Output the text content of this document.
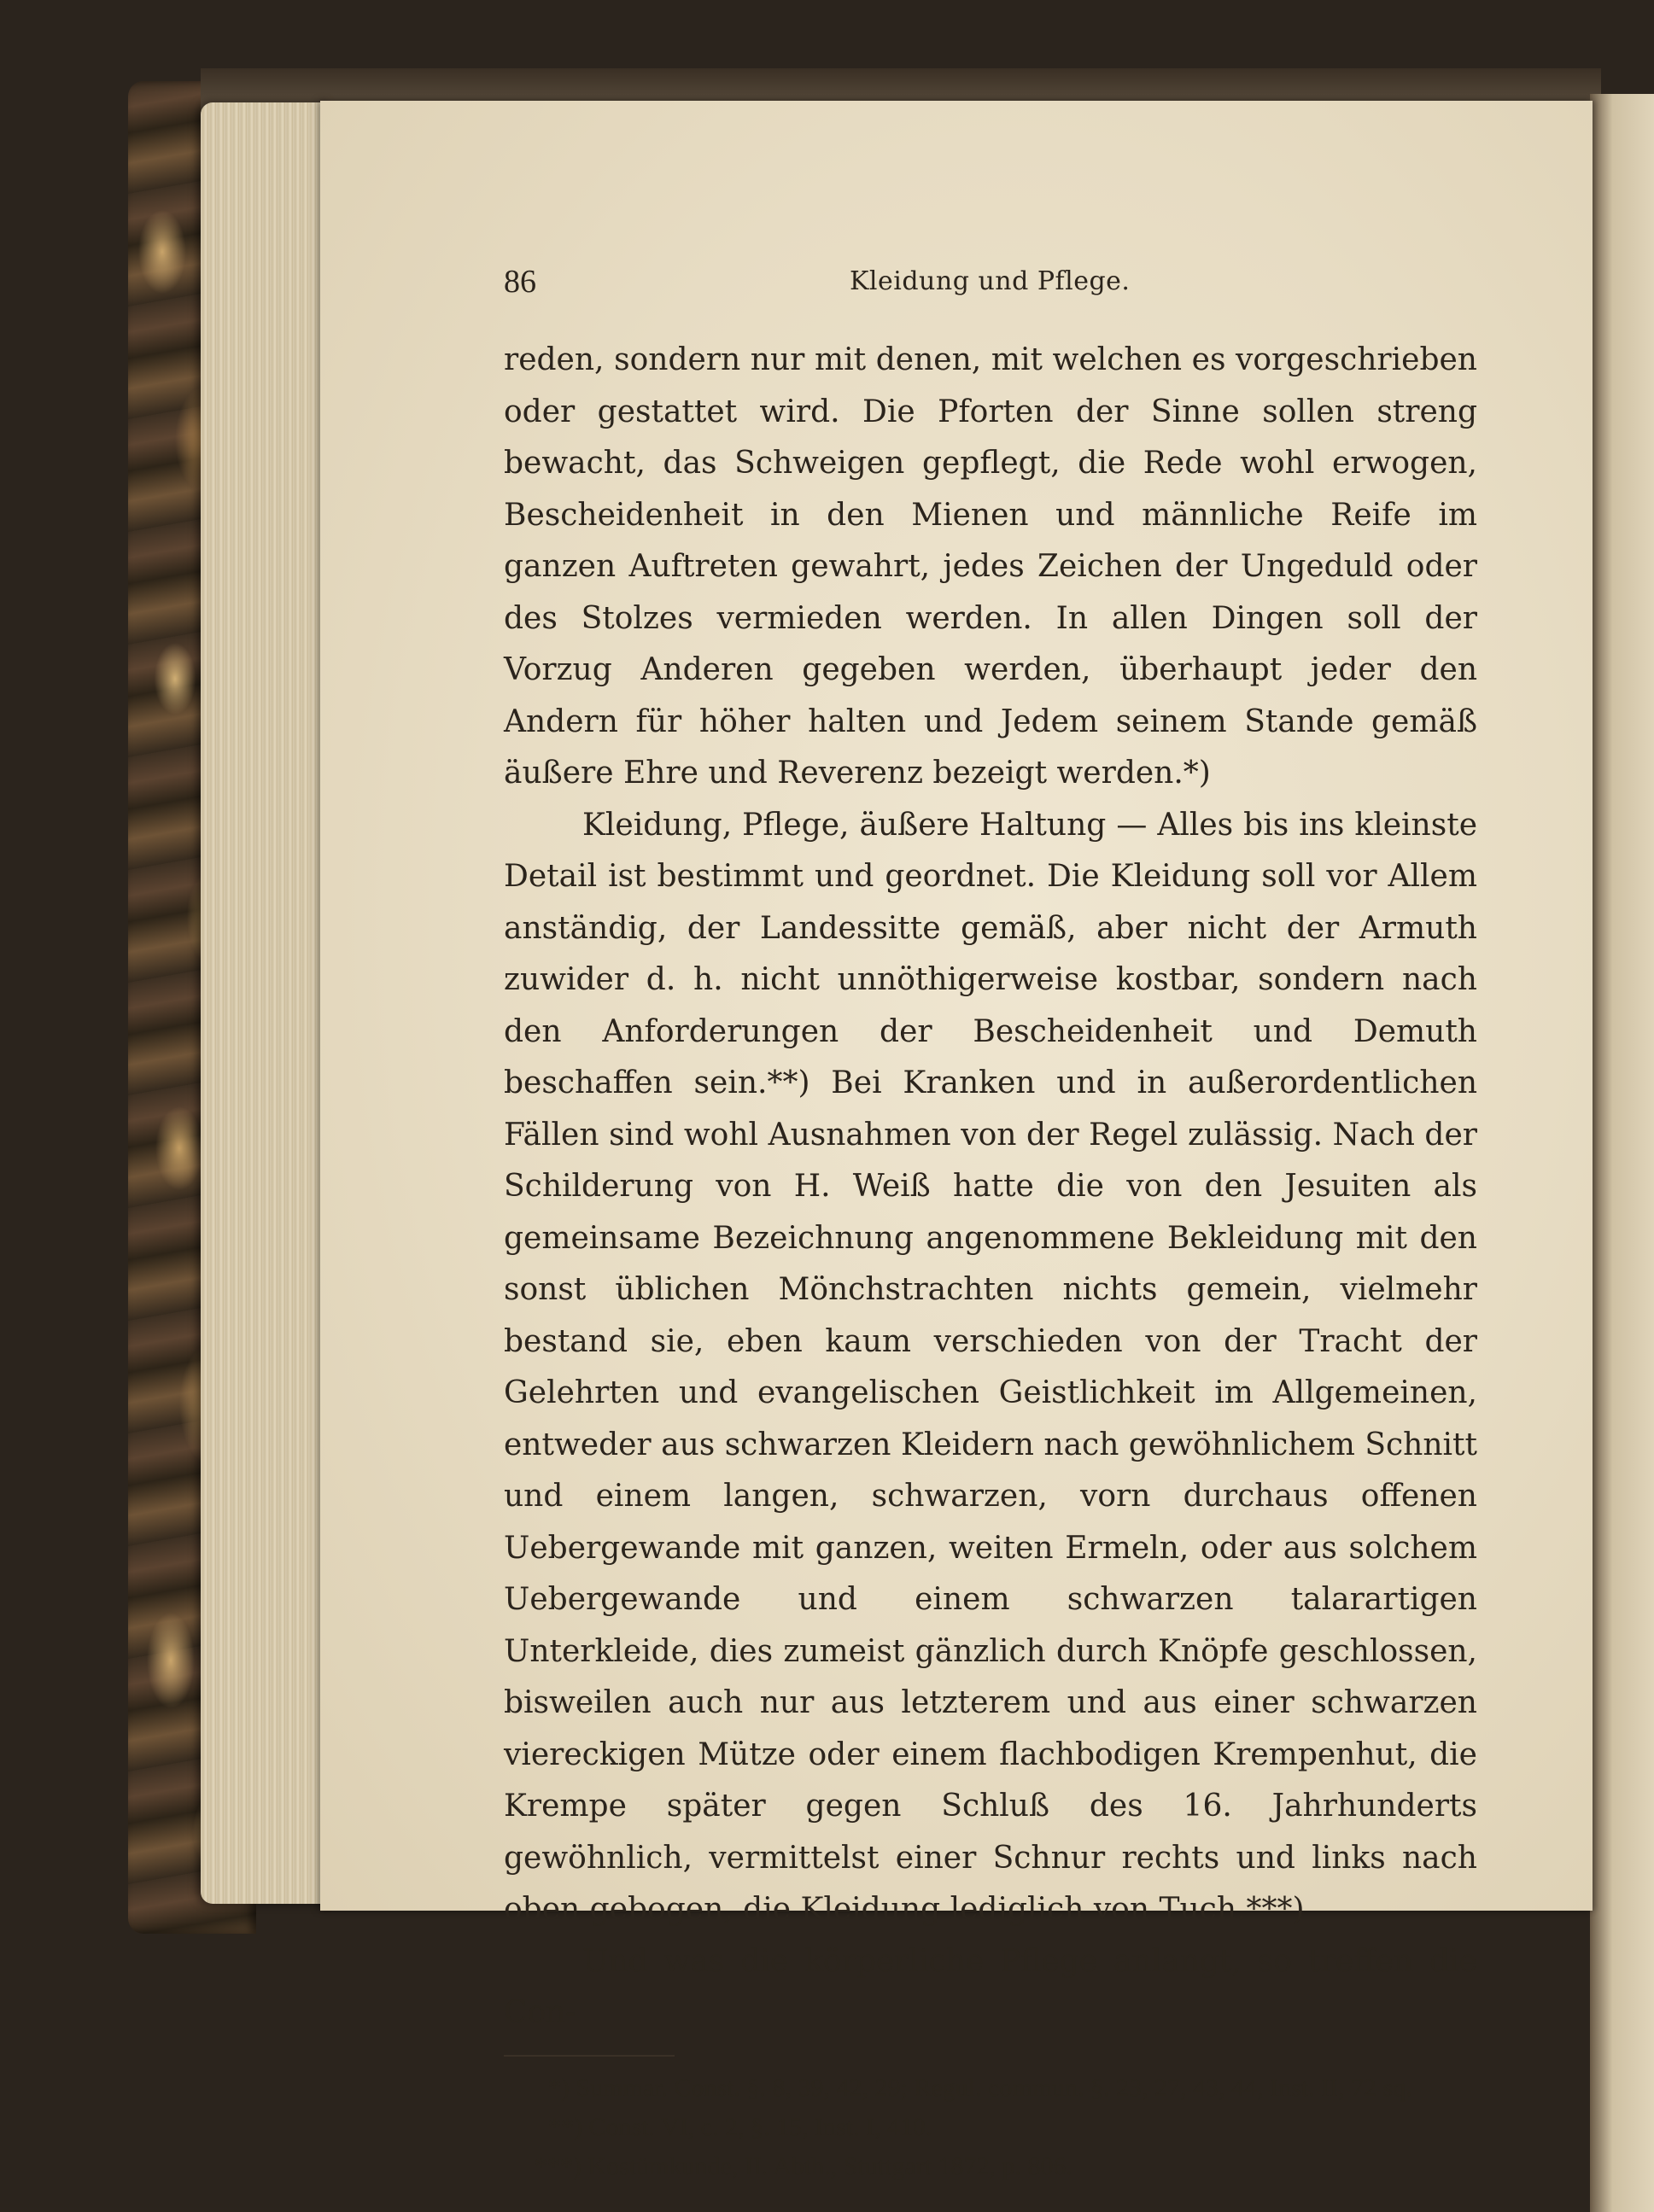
86	Kleidung und Pflege.

reden, sondern nur mit denen, mit welchen es vorgeschrieben oder gestattet wird. Die Pforten der Sinne sollen streng bewacht, das Schweigen gepflegt, die Rede wohl erwogen, Bescheidenheit in den Mienen und männliche Reife im ganzen Auftreten gewahrt, jedes Zeichen der Ungeduld oder des Stolzes vermieden werden. In allen Dingen soll der Vorzug Anderen gegeben werden, überhaupt jeder den Andern für höher halten und Jedem seinem Stande gemäß äußere Ehre und Reverenz bezeigt werden.*)

Kleidung, Pflege, äußere Haltung — Alles bis ins kleinste Detail ist bestimmt und geordnet. Die Kleidung soll vor Allem anständig, der Landessitte gemäß, aber nicht der Armuth zuwider d. h. nicht unnöthigerweise kostbar, sondern nach den Anforderungen der Bescheidenheit und Demuth beschaffen sein.**) Bei Kranken und in außerordentlichen Fällen sind wohl Ausnahmen von der Regel zulässig. Nach der Schilderung von H. Weiß hatte die von den Jesuiten als gemeinsame Bezeichnung angenommene Bekleidung mit den sonst üblichen Mönchstrachten nichts gemein, vielmehr bestand sie, eben kaum verschieden von der Tracht der Gelehrten und evangelischen Geistlichkeit im Allgemeinen, entweder aus schwarzen Kleidern nach gewöhnlichem Schnitt und einem langen, schwarzen, vorn durchaus offenen Uebergewande mit ganzen, weiten Ermeln, oder aus solchem Uebergewande und einem schwarzen talarartigen Unterkleide, dies zumeist gänzlich durch Knöpfe geschlossen, bisweilen auch nur aus letzterem und aus einer schwarzen viereckigen Mütze oder einem flachbodigen Krempenhut, die Krempe später gegen Schluß des 16. Jahrhunderts gewöhnlich, vermittelst einer Schnur rechts und links nach oben gebogen, die Kleidung lediglich von Tuch.***)

Und was die körperliche Pflege anlangt, so treffen die Con-

*) Summar. Const. §. 8, 39, 42, 29; Regul. commun. §. 23, 27, 43, 44, Inst. II, 72 sq.

**) Const. VI, c. 2, §. 15, Inst. I, 410.

***) Kostümkunde, II. Abth., Stuttgart 1872, p. 806.
